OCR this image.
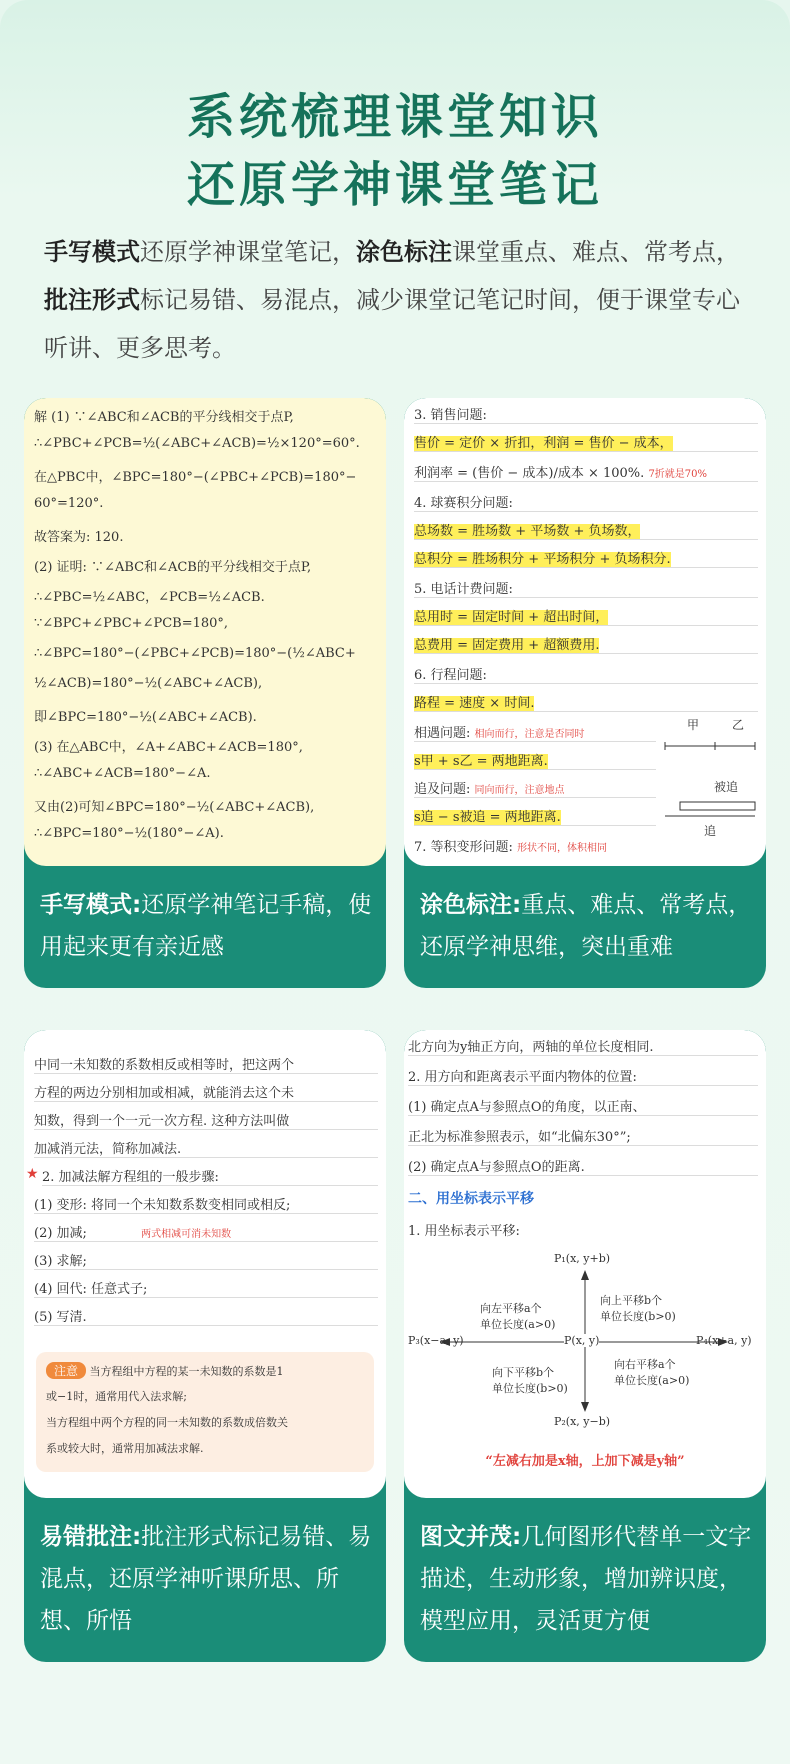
系统梳理课堂知识
还原学神课堂笔记
手写模式还原学神课堂笔记，涂色标注课堂重点、难点、常考点，批注形式标记易错、易混点，减少课堂记笔记时间，便于课堂专心听讲、更多思考。
解 (1) ∵∠ABC和∠ACB的平分线相交于点P,
∴∠PBC+∠PCB=½(∠ABC+∠ACB)=½×120°=60°.
在△PBC中，∠BPC=180°−(∠PBC+∠PCB)=180°−
60°=120°.
故答案为: 120.
(2) 证明: ∵∠ABC和∠ACB的平分线相交于点P,
∴∠PBC=½∠ABC，∠PCB=½∠ACB.
∵∠BPC+∠PBC+∠PCB=180°,
∴∠BPC=180°−(∠PBC+∠PCB)=180°−(½∠ABC+
½∠ACB)=180°−½(∠ABC+∠ACB),
即∠BPC=180°−½(∠ABC+∠ACB).
(3) 在△ABC中，∠A+∠ABC+∠ACB=180°,
∴∠ABC+∠ACB=180°−∠A.
又由(2)可知∠BPC=180°−½(∠ABC+∠ACB),
∴∠BPC=180°−½(180°−∠A).
手写模式:还原学神笔记手稿，使用起来更有亲近感
3. 销售问题:
售价 = 定价 × 折扣，利润 = 售价 − 成本，
利润率 = (售价 − 成本)/成本 × 100%. 7折就是70%
4. 球赛积分问题:
总场数 = 胜场数 + 平场数 + 负场数，
总积分 = 胜场积分 + 平场积分 + 负场积分.
5. 电话计费问题:
总用时 = 固定时间 + 超出时间，
总费用 = 固定费用 + 超额费用.
6. 行程问题:
路程 = 速度 × 时间.
相遇问题: 相向而行，注意是否同时
s甲 + s乙 = 两地距离.
追及问题: 同向而行，注意地点
s追 − s被追 = 两地距离.
7. 等积变形问题: 形状不同，体积相同
甲	乙
被追
追
涂色标注:重点、难点、常考点，还原学神思维，突出重难
中同一未知数的系数相反或相等时，把这两个
方程的两边分别相加或相减，就能消去这个未
知数，得到一个一元一次方程. 这种方法叫做
加减消元法，简称加减法.
★ 2. 加减法解方程组的一般步骤:
(1) 变形: 将同一个未知数系数变相同或相反;
(2) 加减;	两式相减可消未知数
(3) 求解;
(4) 回代: 任意式子;
(5) 写清.
注意 当方程组中方程的某一未知数的系数是1
或−1时，通常用代入法求解;
当方程组中两个方程的同一未知数的系数成倍数关
系或较大时，通常用加减法求解.
易错批注:批注形式标记易错、易混点，还原学神听课所思、所想、所悟
北方向为y轴正方向，两轴的单位长度相同.
2. 用方向和距离表示平面内物体的位置:
(1) 确定点A与参照点O的角度，以正南、
正北为标准参照表示，如“北偏东30°”;
(2) 确定点A与参照点O的距离.
二、用坐标表示平移
1. 用坐标表示平移:
P₁(x, y+b)
P₂(x, y−b)
P₃(x−a, y)	P₄(x+a, y)
P(x, y)
向上平移b个
单位长度(b>0)
向左平移a个
单位长度(a>0)
向下平移b个
单位长度(b>0)
向右平移a个
单位长度(a>0)
“左减右加是x轴，上加下减是y轴”
图文并茂:几何图形代替单一文字描述，生动形象，增加辨识度，模型应用，灵活更方便
